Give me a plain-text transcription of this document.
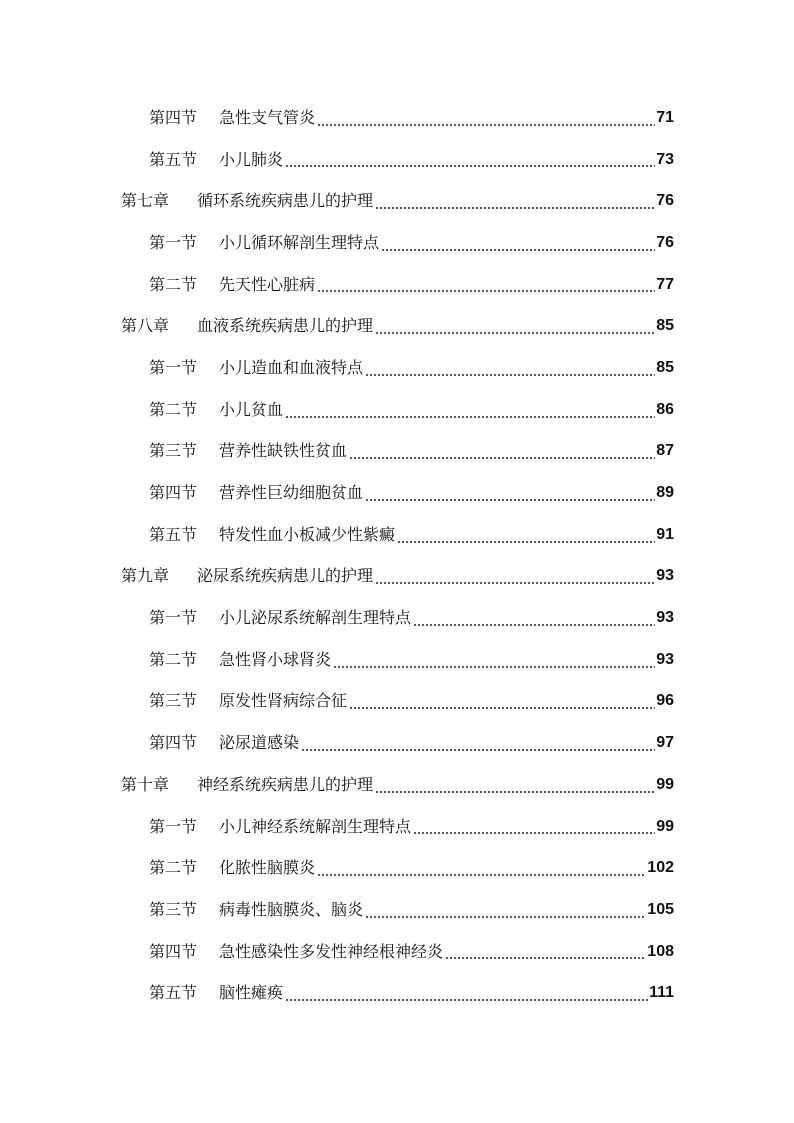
第四节 急性支气管炎	71
第五节 小儿肺炎	73
第七章 循环系统疾病患儿的护理	76
第一节 小儿循环解剖生理特点	76
第二节 先天性心脏病	77
第八章 血液系统疾病患儿的护理	85
第一节 小儿造血和血液特点	85
第二节 小儿贫血	86
第三节 营养性缺铁性贫血	87
第四节 营养性巨幼细胞贫血	89
第五节 特发性血小板减少性紫癜	91
第九章 泌尿系统疾病患儿的护理	93
第一节 小儿泌尿系统解剖生理特点	93
第二节 急性肾小球肾炎	93
第三节 原发性肾病综合征	96
第四节 泌尿道感染	97
第十章 神经系统疾病患儿的护理	99
第一节 小儿神经系统解剖生理特点	99
第二节 化脓性脑膜炎	102
第三节 病毒性脑膜炎、脑炎	105
第四节 急性感染性多发性神经根神经炎	108
第五节 脑性瘫痪	111
